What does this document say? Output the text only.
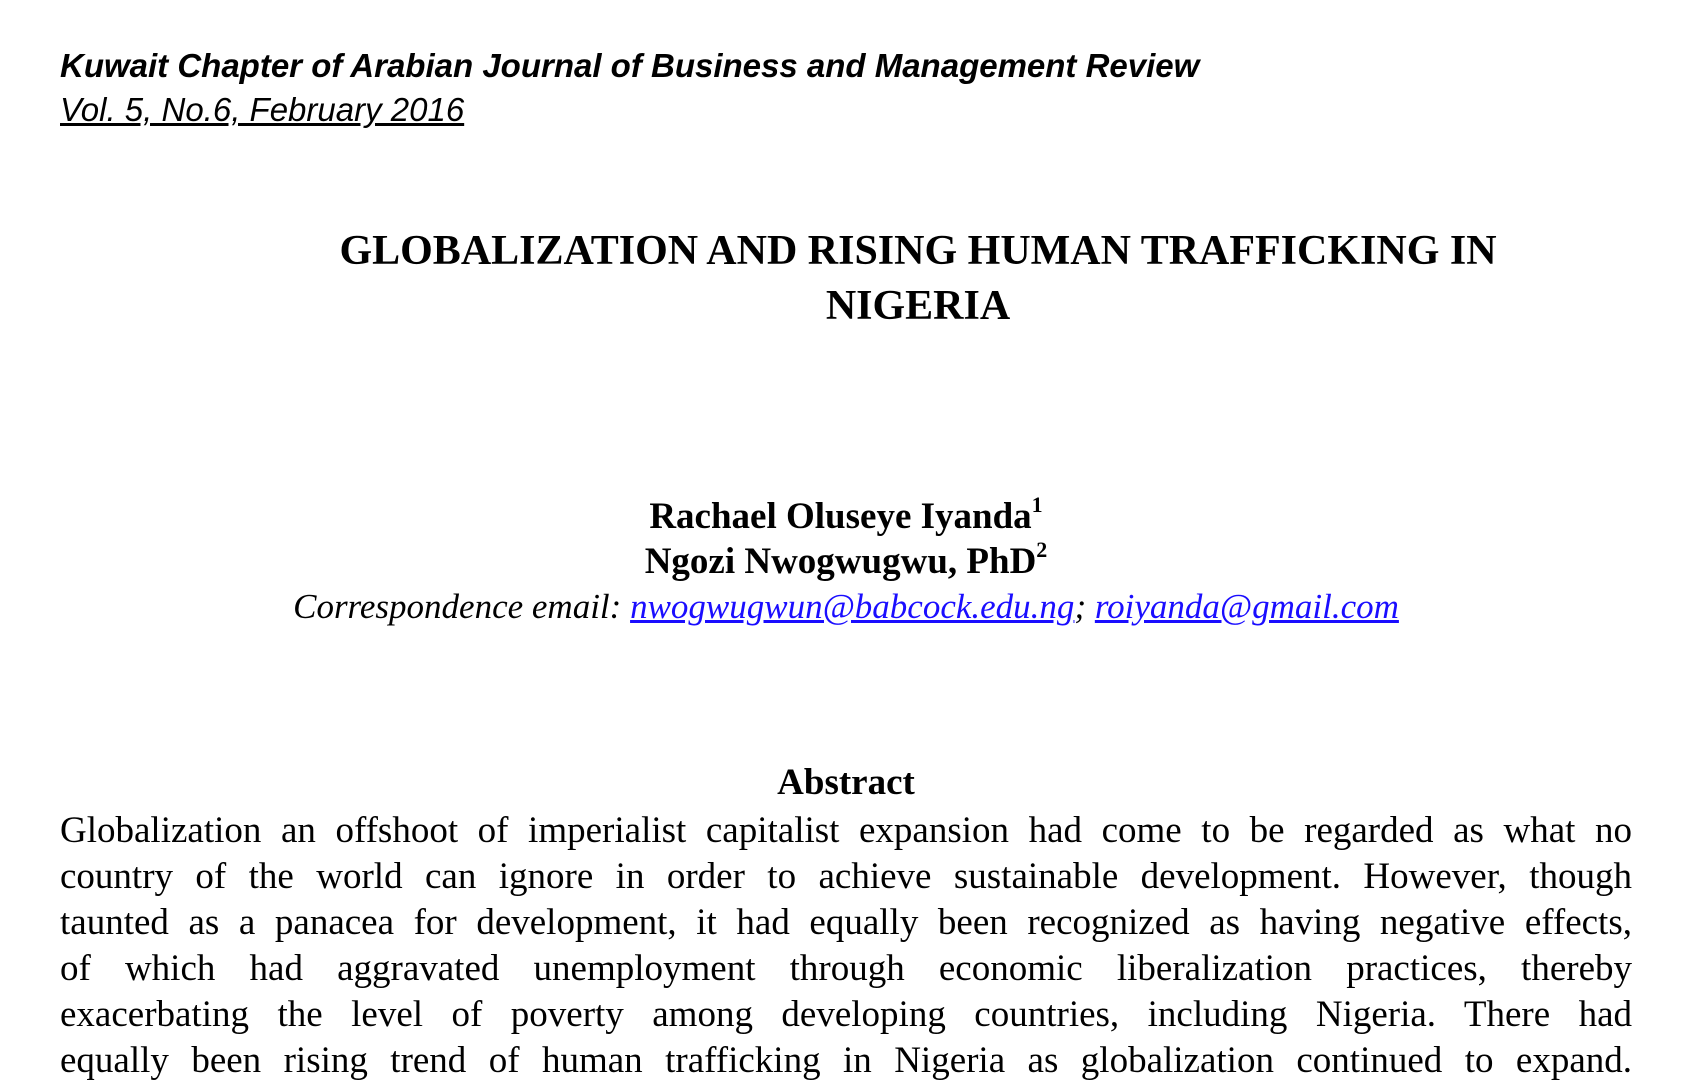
Kuwait Chapter of Arabian Journal of Business and Management Review
Vol. 5, No.6, February 2016
GLOBALIZATION AND RISING HUMAN TRAFFICKING IN
NIGERIA
Rachael Oluseye Iyanda$^1$
Ngozi Nwogwugwu, PhD$^2$
Correspondence email: nwogwugwun@babcock.edu.ng; roiyanda@gmail.com
Abstract
Globalization an offshoot of imperialist capitalist expansion had come to be regarded as what no
country of the world can ignore in order to achieve sustainable development. However, though
taunted as a panacea for development, it had equally been recognized as having negative effects,
of which had aggravated unemployment through economic liberalization practices, thereby
exacerbating the level of poverty among developing countries, including Nigeria. There had
equally been rising trend of human trafficking in Nigeria as globalization continued to expand.
